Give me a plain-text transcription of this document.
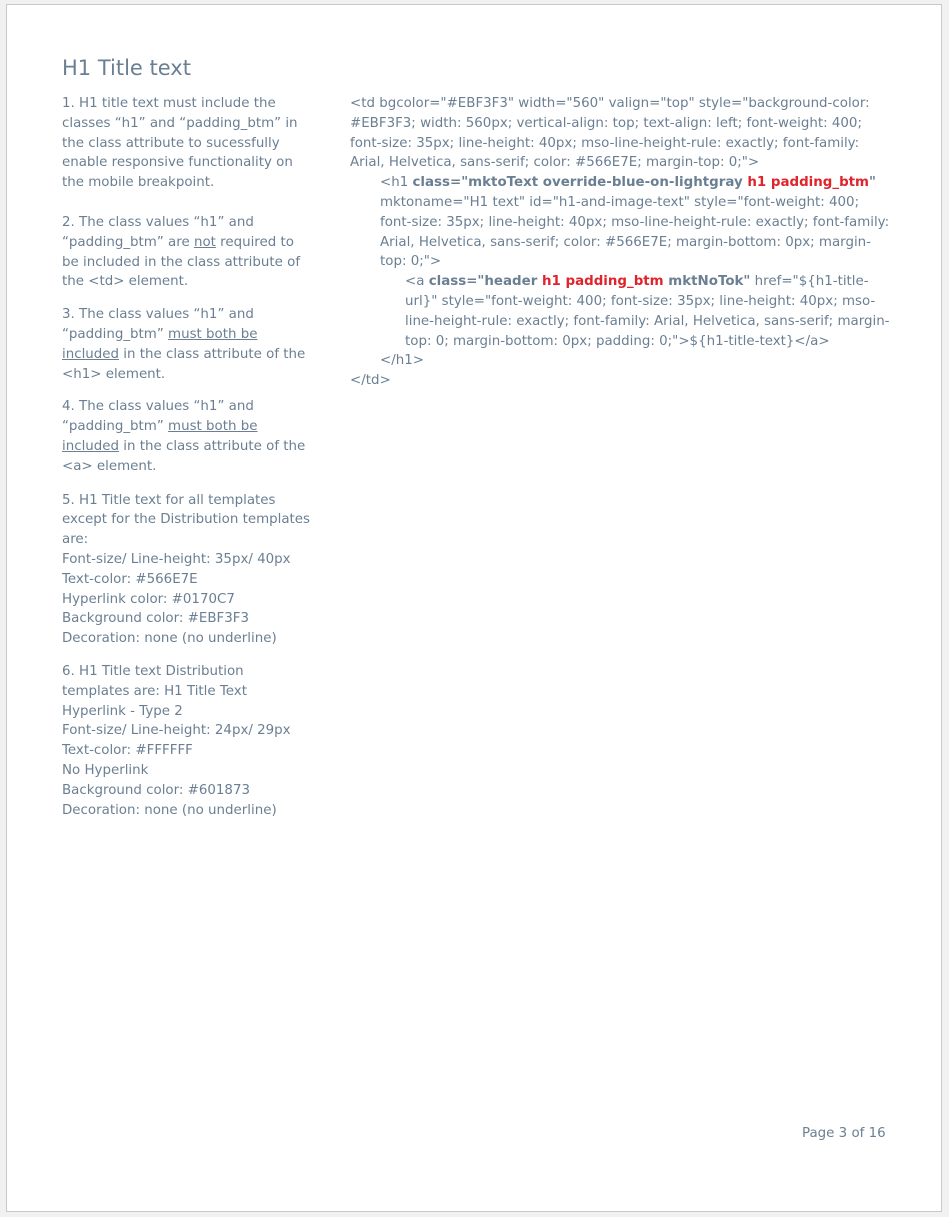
H1 Title text

1. H1 title text must include the classes “h1” and “padding_btm” in the class attribute to sucessfully enable responsive functionality on the mobile breakpoint.

2. The class values “h1” and “padding_btm” are not required to be included in the class attribute of the <td> element.

3. The class values “h1” and “padding_btm” must both be included in the class attribute of the <h1> element.

4. The class values “h1” and “padding_btm” must both be included in the class attribute of the <a> element.

5. H1 Title text for all templates except for the Distribution templates are:

Font-size/ Line-height: 35px/ 40px

Text-color: #566E7E

Hyperlink color: #0170C7

Background color: #EBF3F3

Decoration: none (no underline)

6. H1 Title text Distribution templates are: H1 Title Text Hyperlink - Type 2

Font-size/ Line-height: 24px/ 29px

Text-color: #FFFFFF

No Hyperlink

Background color: #601873

Decoration: none (no underline)

<td bgcolor="#EBF3F3" width="560" valign="top" style="background-color: #EBF3F3; width: 560px; vertical-align: top; text-align: left; font-weight: 400; font-size: 35px; line-height: 40px; mso-line-height-rule: exactly; font-family: Arial, Helvetica, sans-serif; color: #566E7E; margin-top: 0;">

<h1 class="mktoText override-blue-on-lightgray h1 padding_btm" mktoname="H1 text" id="h1-and-image-text" style="font-weight: 400; font-size: 35px; line-height: 40px; mso-line-height-rule: exactly; font-family: Arial, Helvetica, sans-serif; color: #566E7E; margin-bottom: 0px; margin-top: 0;">

<a class="header h1 padding_btm mktNoTok" href="${h1-title-url}" style="font-weight: 400; font-size: 35px; line-height: 40px; mso-line-height-rule: exactly; font-family: Arial, Helvetica, sans-serif; margin-top: 0; margin-bottom: 0px; padding: 0;">${h1-title-text}</a>

</h1>

</td>

Page 3 of 16
